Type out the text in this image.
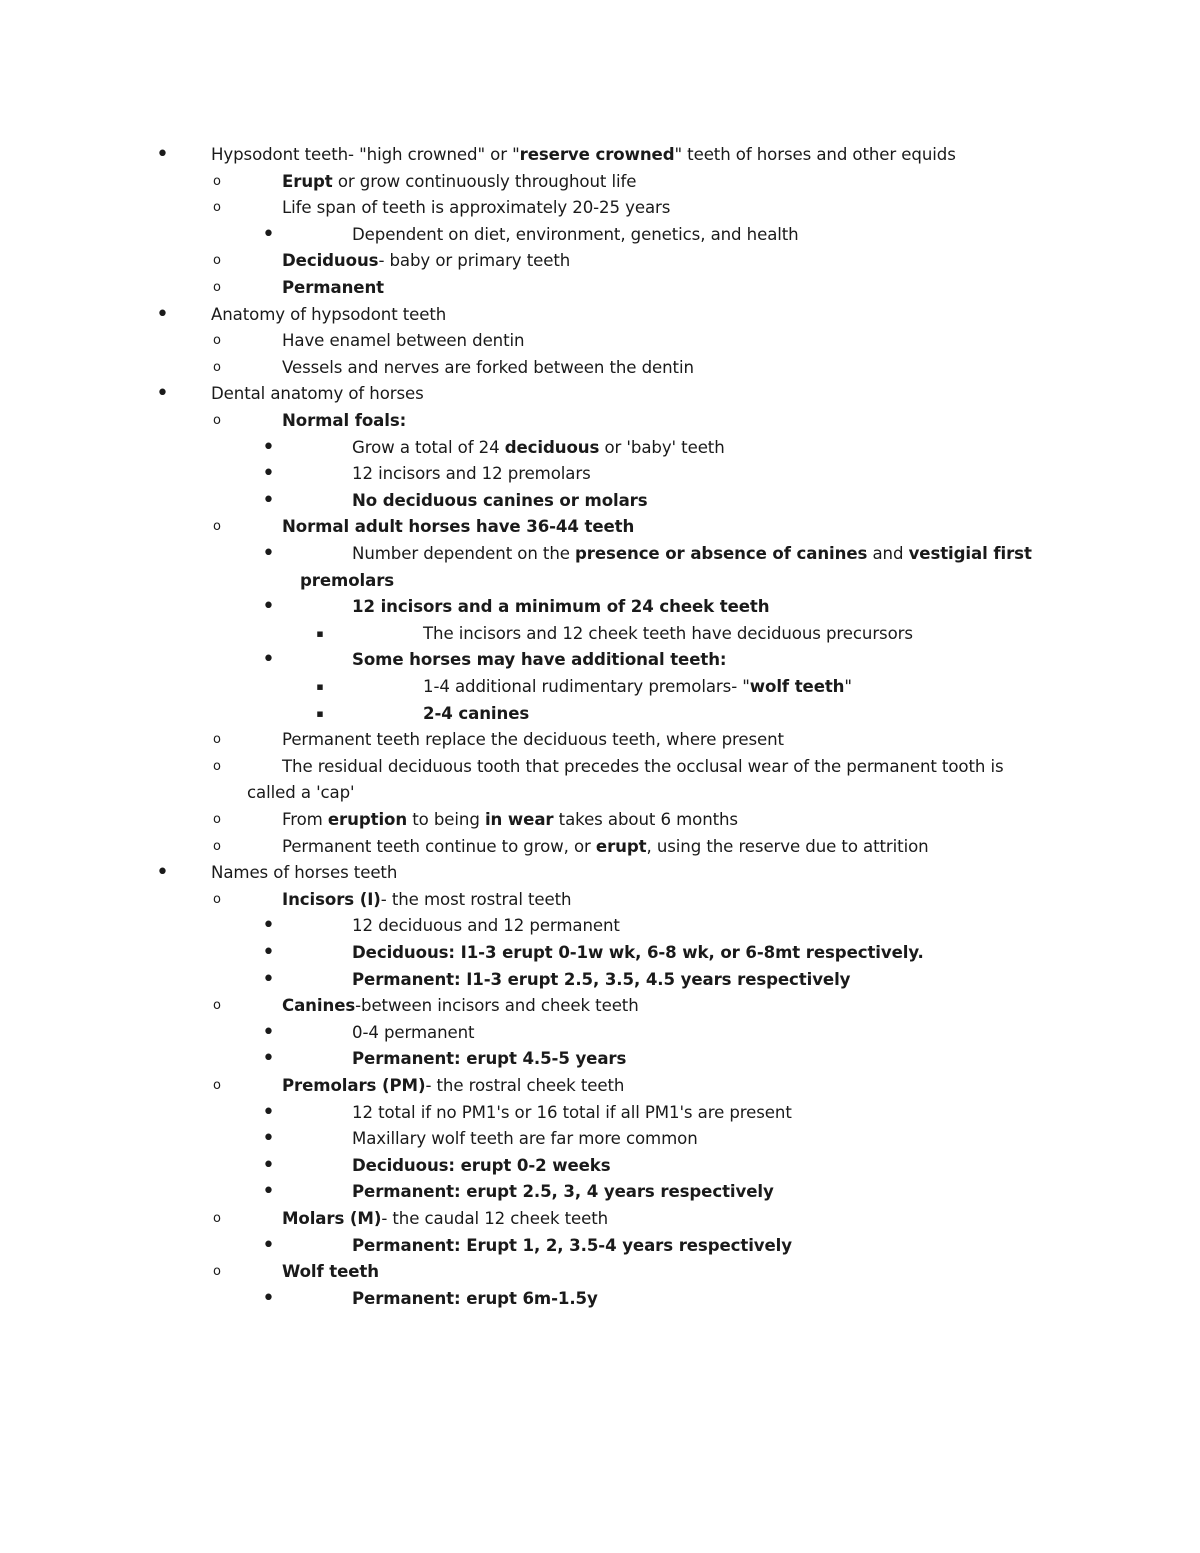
•	Hypsodont teeth- "high crowned" or "reserve crowned" teeth of horses and other equids
o	Erupt or grow continuously throughout life
o	Life span of teeth is approximately 20-25 years
•	Dependent on diet, environment, genetics, and health
o	Deciduous- baby or primary teeth
o	Permanent
•	Anatomy of hypsodont teeth
o	Have enamel between dentin
o	Vessels and nerves are forked between the dentin
•	Dental anatomy of horses
o	Normal foals:
•	Grow a total of 24 deciduous or 'baby' teeth
•	12 incisors and 12 premolars
•	No deciduous canines or molars
o	Normal adult horses have 36-44 teeth
•	Number dependent on the presence or absence of canines and vestigial first
premolars
•	12 incisors and a minimum of 24 cheek teeth
▪	The incisors and 12 cheek teeth have deciduous precursors
•	Some horses may have additional teeth:
▪	1-4 additional rudimentary premolars- "wolf teeth"
▪	2-4 canines
o	Permanent teeth replace the deciduous teeth, where present
o	The residual deciduous tooth that precedes the occlusal wear of the permanent tooth is
called a 'cap'
o	From eruption to being in wear takes about 6 months
o	Permanent teeth continue to grow, or erupt, using the reserve due to attrition
•	Names of horses teeth
o	Incisors (I)- the most rostral teeth
•	12 deciduous and 12 permanent
•	Deciduous: I1-3 erupt 0-1w wk, 6-8 wk, or 6-8mt respectively.
•	Permanent: I1-3 erupt 2.5, 3.5, 4.5 years respectively
o	Canines-between incisors and cheek teeth
•	0-4 permanent
•	Permanent: erupt 4.5-5 years
o	Premolars (PM)- the rostral cheek teeth
•	12 total if no PM1's or 16 total if all PM1's are present
•	Maxillary wolf teeth are far more common
•	Deciduous: erupt 0-2 weeks
•	Permanent: erupt 2.5, 3, 4 years respectively
o	Molars (M)- the caudal 12 cheek teeth
•	Permanent: Erupt 1, 2, 3.5-4 years respectively
o	Wolf teeth
•	Permanent: erupt 6m-1.5y
